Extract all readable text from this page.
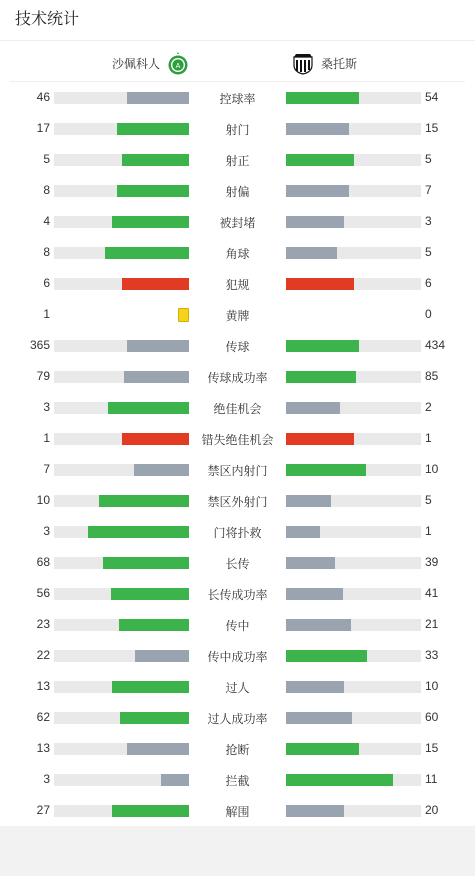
技术统计
沙佩科人 A	桑托斯
46	控球率	54
17	射门	15
5	射正	5
8	射偏	7
4	被封堵	3
8	角球	5
6	犯规	6
1	黄牌	0
365	传球	434
79	传球成功率	85
3	绝佳机会	2
1	错失绝佳机会	1
7	禁区内射门	10
10	禁区外射门	5
3	门将扑救	1
68	长传	39
56	长传成功率	41
23	传中	21
22	传中成功率	33
13	过人	10
62	过人成功率	60
13	抢断	15
3	拦截	11
27	解围	20
